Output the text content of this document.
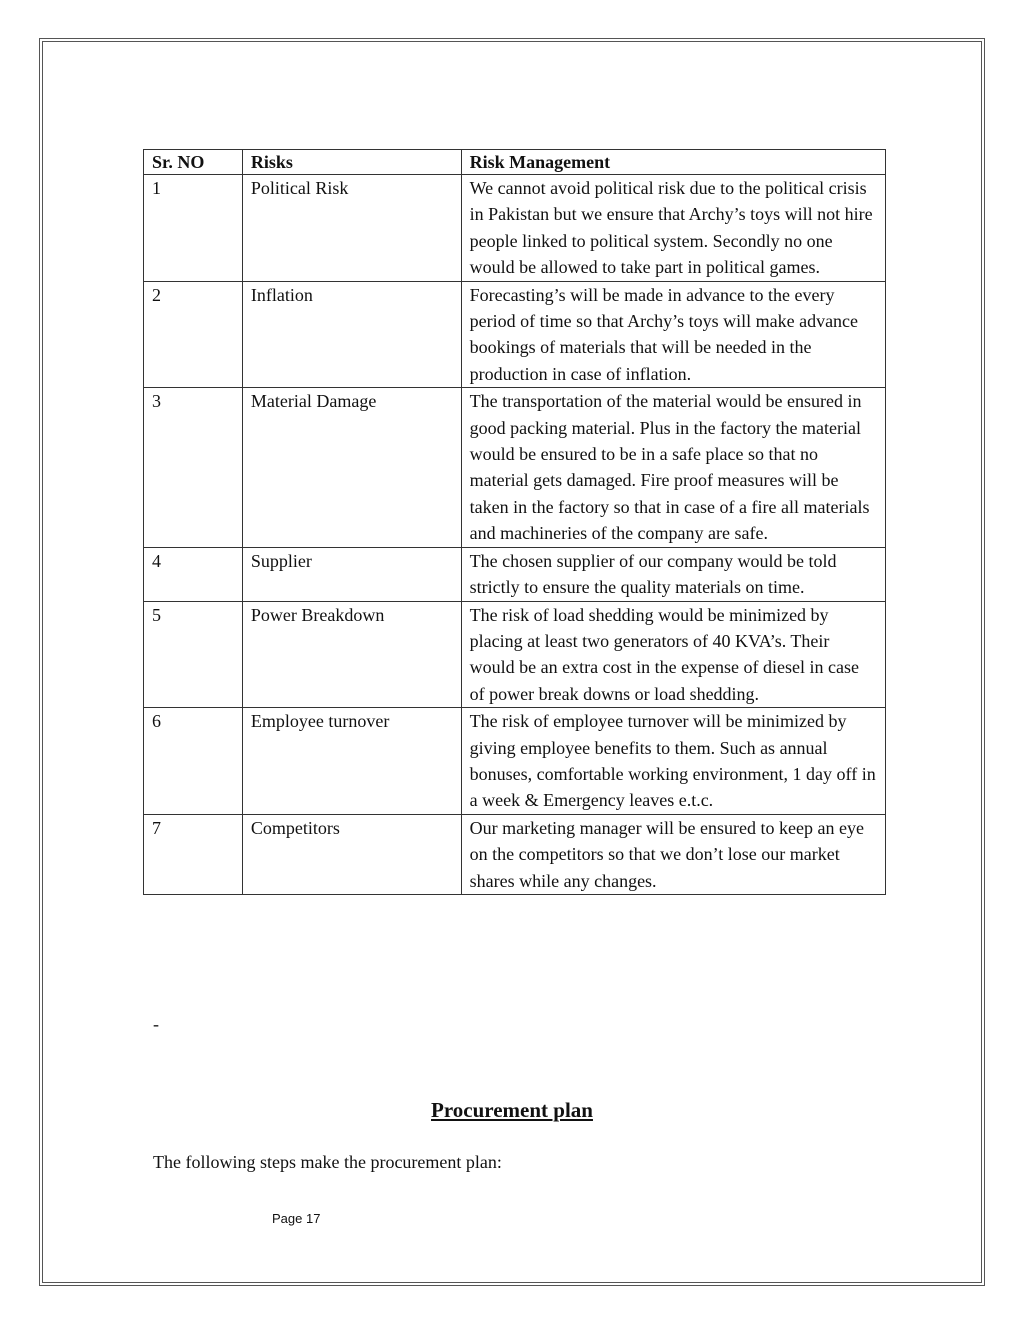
Sr. NO	Risks	Risk Management
1	Political Risk	We cannot avoid political risk due to the political crisis in Pakistan but we ensure that Archy’s toys will not hire people linked to political system. Secondly no one would be allowed to take part in political games.
2	Inflation	Forecasting’s will be made in advance to the every period of time so that Archy’s toys will make advance bookings of materials that will be needed in the production in case of inflation.
3	Material Damage	The transportation of the material would be ensured in good packing material. Plus in the factory the material would be ensured to be in a safe place so that no material gets damaged. Fire proof measures will be taken in the factory so that in case of a fire all materials and machineries of the company are safe.
4	Supplier	The chosen supplier of our company would be told strictly to ensure the quality materials on time.
5	Power Breakdown	The risk of load shedding would be minimized by placing at least two generators of 40 KVA’s. Their would be an extra cost in the expense of diesel in case of power break downs or load shedding.
6	Employee turnover	The risk of employee turnover will be minimized by giving employee benefits to them. Such as annual bonuses, comfortable working environment, 1 day off in a week & Emergency leaves e.t.c.
7	Competitors	Our marketing manager will be ensured to keep an eye on the competitors so that we don’t lose our market shares while any changes.
-
Procurement plan
The following steps make the procurement plan:
Page 17
